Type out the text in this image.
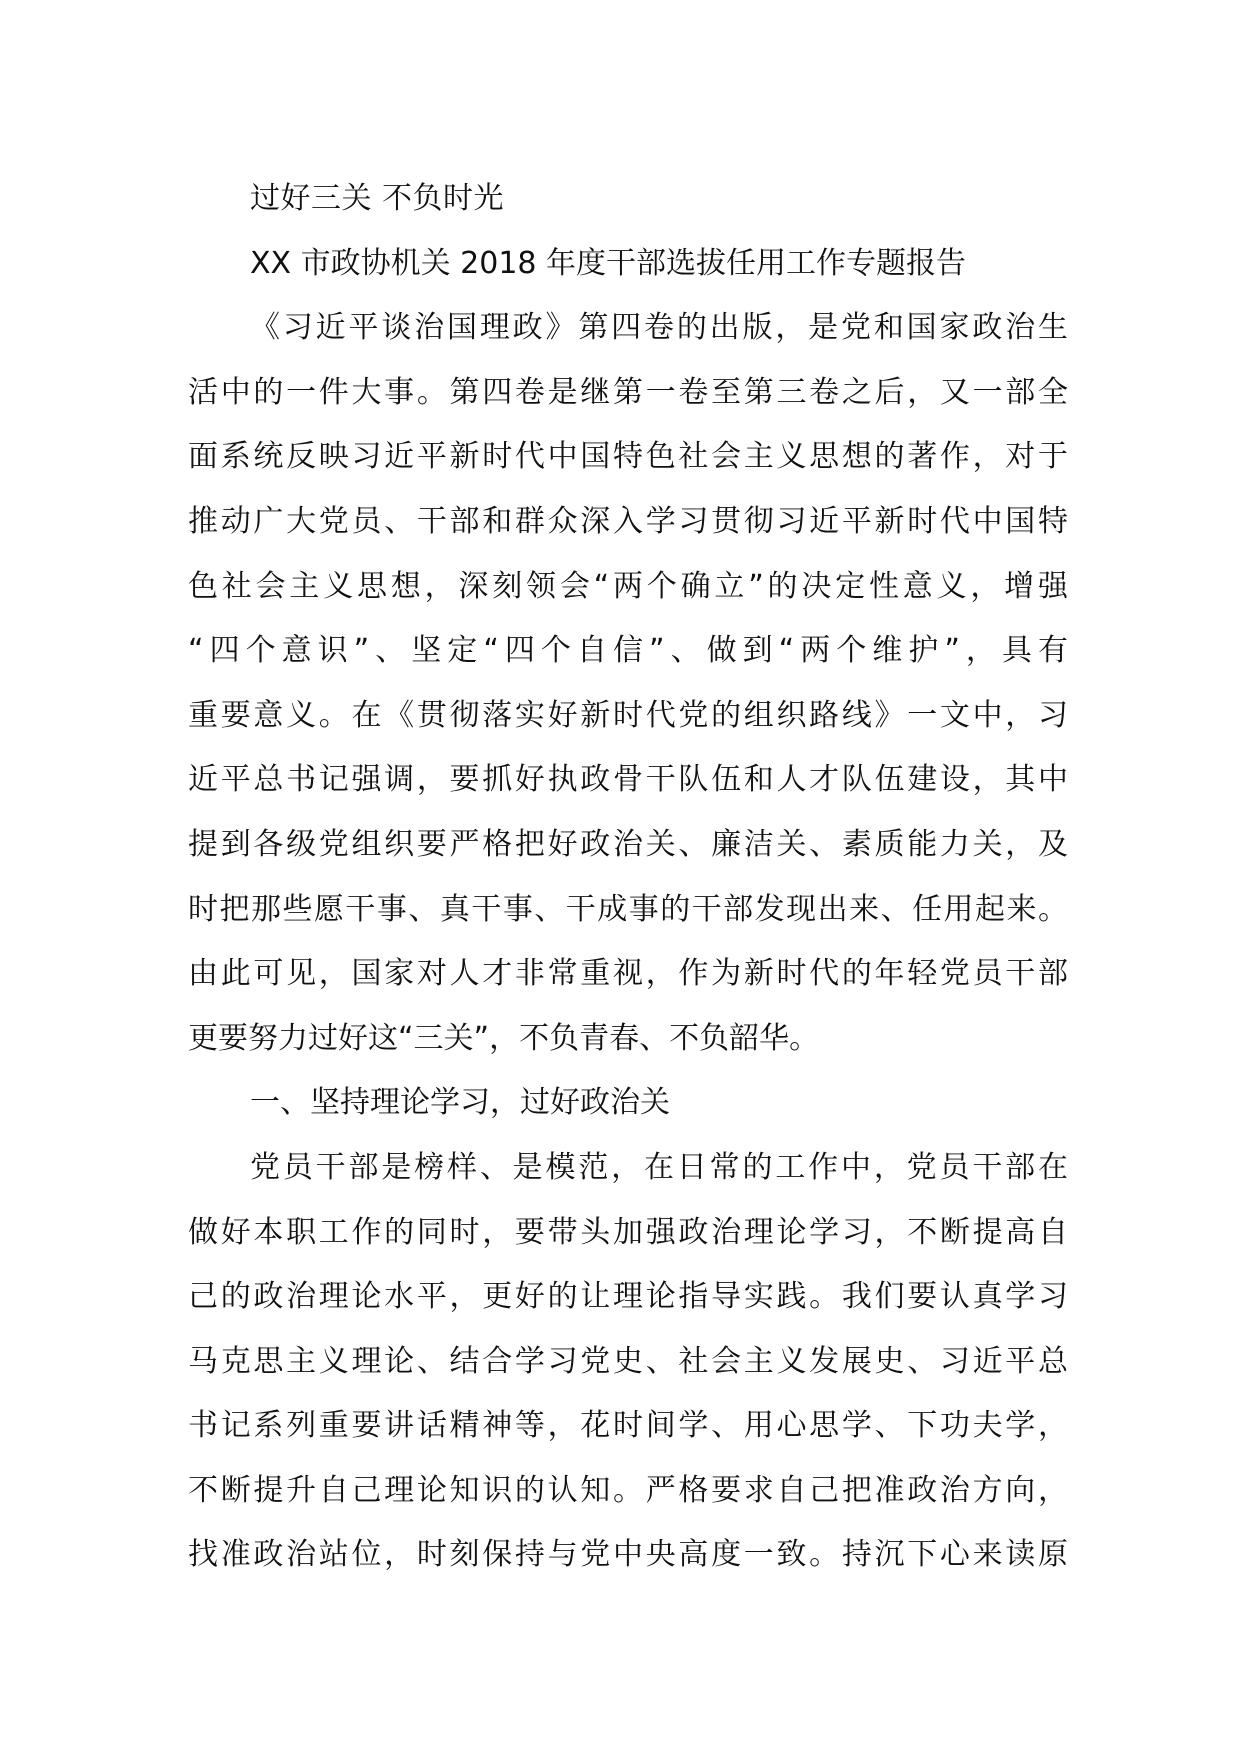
过好三关 不负时光
XX 市政协机关 2018 年度干部选拔任用工作专题报告
《习近平谈治国理政》第四卷的出版，是党和国家政治生
活中的一件大事。第四卷是继第一卷至第三卷之后，又一部全
面系统反映习近平新时代中国特色社会主义思想的著作，对于
推动广大党员、干部和群众深入学习贯彻习近平新时代中国特
色社会主义思想，深刻领会“两个确立”的决定性意义，增强
“四个意识”、坚定“四个自信”、做到“两个维护”，具有
重要意义。在《贯彻落实好新时代党的组织路线》一文中，习
近平总书记强调，要抓好执政骨干队伍和人才队伍建设，其中
提到各级党组织要严格把好政治关、廉洁关、素质能力关，及
时把那些愿干事、真干事、干成事的干部发现出来、任用起来。
由此可见，国家对人才非常重视，作为新时代的年轻党员干部
更要努力过好这“三关”，不负青春、不负韶华。
一、坚持理论学习，过好政治关
党员干部是榜样、是模范，在日常的工作中，党员干部在
做好本职工作的同时，要带头加强政治理论学习，不断提高自
己的政治理论水平，更好的让理论指导实践。我们要认真学习
马克思主义理论、结合学习党史、社会主义发展史、习近平总
书记系列重要讲话精神等，花时间学、用心思学、下功夫学，
不断提升自己理论知识的认知。严格要求自己把准政治方向，
找准政治站位，时刻保持与党中央高度一致。持沉下心来读原
